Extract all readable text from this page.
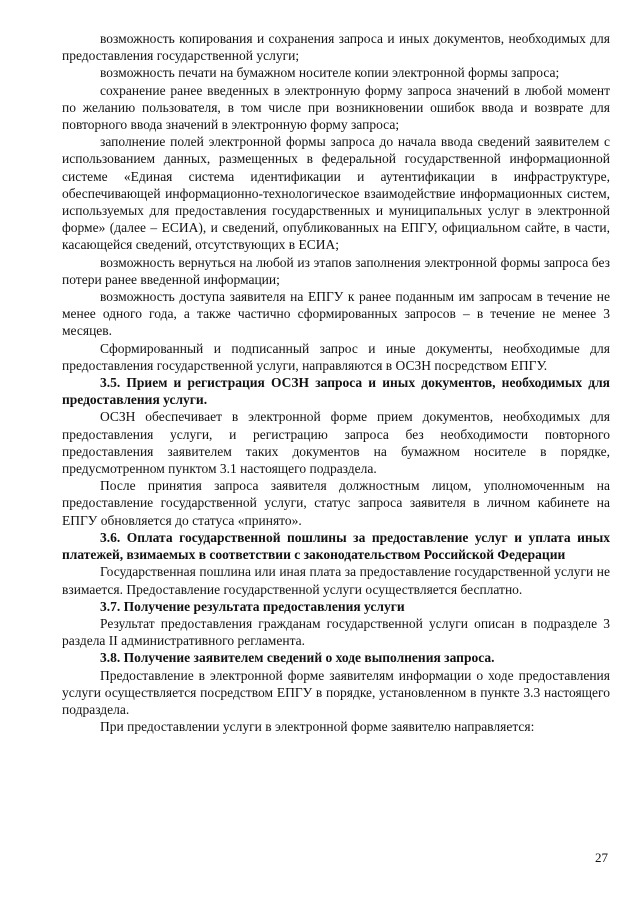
возможность копирования и сохранения запроса и иных документов, необходимых для предоставления государственной услуги;

возможность печати на бумажном носителе копии электронной формы запроса;

сохранение ранее введенных в электронную форму запроса значений в любой момент по желанию пользователя, в том числе при возникновении ошибок ввода и возврате для повторного ввода значений в электронную форму запроса;

заполнение полей электронной формы запроса до начала ввода сведений заявителем с использованием данных, размещенных в федеральной государственной информационной системе «Единая система идентификации и аутентификации в инфраструктуре, обеспечивающей информационно-технологическое взаимодействие информационных систем, используемых для предоставления государственных и муниципальных услуг в электронной форме» (далее – ЕСИА), и сведений, опубликованных на ЕПГУ, официальном сайте, в части, касающейся сведений, отсутствующих в ЕСИА;

возможность вернуться на любой из этапов заполнения электронной формы запроса без потери ранее введенной информации;

возможность доступа заявителя на ЕПГУ к ранее поданным им запросам в течение не менее одного года, а также частично сформированных запросов – в течение не менее 3 месяцев.

Сформированный и подписанный запрос и иные документы, необходимые для предоставления государственной услуги, направляются в ОСЗН посредством ЕПГУ.

3.5. Прием и регистрация ОСЗН запроса и иных документов, необходимых для предоставления услуги.

ОСЗН обеспечивает в электронной форме прием документов, необходимых для предоставления услуги, и регистрацию запроса без необходимости повторного предоставления заявителем таких документов на бумажном носителе в порядке, предусмотренном пунктом 3.1 настоящего подраздела.

После принятия запроса заявителя должностным лицом, уполномоченным на предоставление государственной услуги, статус запроса заявителя в личном кабинете на ЕПГУ обновляется до статуса «принято».

3.6. Оплата государственной пошлины за предоставление услуг и уплата иных платежей, взимаемых в соответствии с законодательством Российской Федерации

Государственная пошлина или иная плата за предоставление государственной услуги не взимается. Предоставление государственной услуги осуществляется бесплатно.

3.7. Получение результата предоставления услуги

Результат предоставления гражданам государственной услуги описан в подразделе 3 раздела II административного регламента.

3.8. Получение заявителем сведений о ходе выполнения запроса.

Предоставление в электронной форме заявителям информации о ходе предоставления услуги осуществляется посредством ЕПГУ в порядке, установленном в пункте 3.3 настоящего подраздела.

При предоставлении услуги в электронной форме заявителю направляется:

27
